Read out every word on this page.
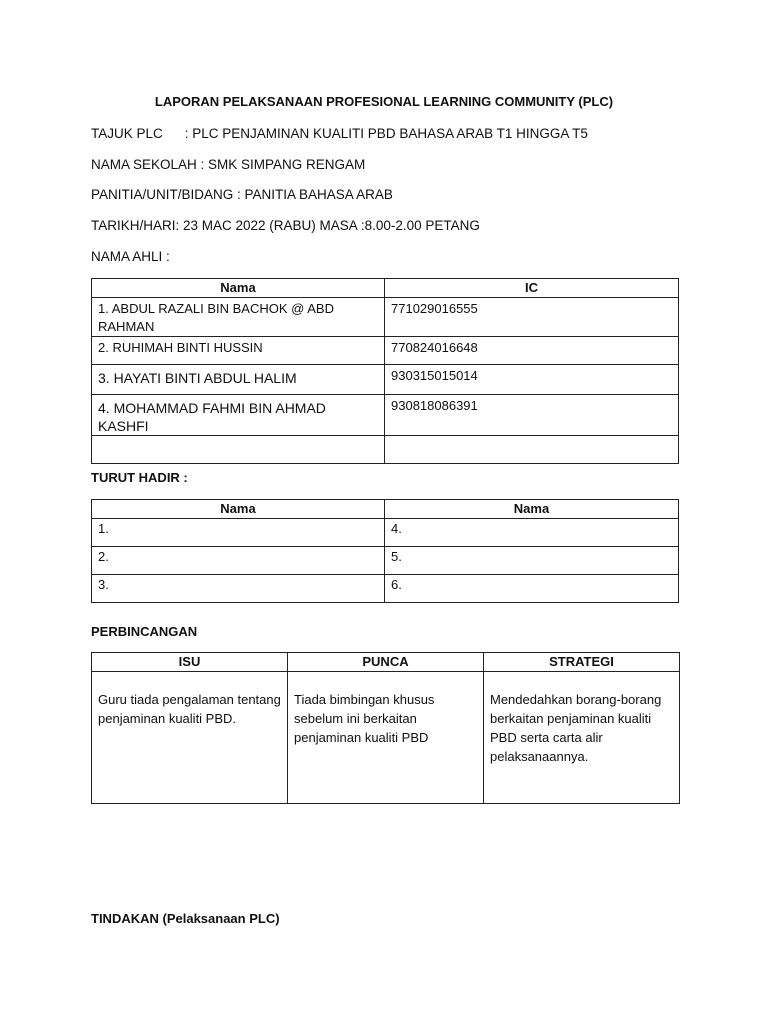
LAPORAN PELAKSANAAN PROFESIONAL LEARNING COMMUNITY (PLC)
TAJUK PLC : PLC PENJAMINAN KUALITI PBD BAHASA ARAB T1 HINGGA T5
NAMA SEKOLAH : SMK SIMPANG RENGAM
PANITIA/UNIT/BIDANG : PANITIA BAHASA ARAB
TARIKH/HARI: 23 MAC 2022 (RABU) MASA :8.00-2.00 PETANG
NAMA AHLI :
Nama	IC
1. ABDUL RAZALI BIN BACHOK @ ABD RAHMAN	771029016555
2. RUHIMAH BINTI HUSSIN	770824016648
3. HAYATI BINTI ABDUL HALIM	930315015014
4. MOHAMMAD FAHMI BIN AHMAD KASHFI	930818086391

TURUT HADIR :
Nama	Nama
1.	4.
2.	5.
3.	6.
PERBINCANGAN
ISU	PUNCA	STRATEGI
Guru tiada pengalaman tentang penjaminan kualiti PBD.	Tiada bimbingan khusus sebelum ini berkaitan penjaminan kualiti PBD	Mendedahkan borang-borang berkaitan penjaminan kualiti PBD serta carta alir pelaksanaannya.
TINDAKAN (Pelaksanaan PLC)
